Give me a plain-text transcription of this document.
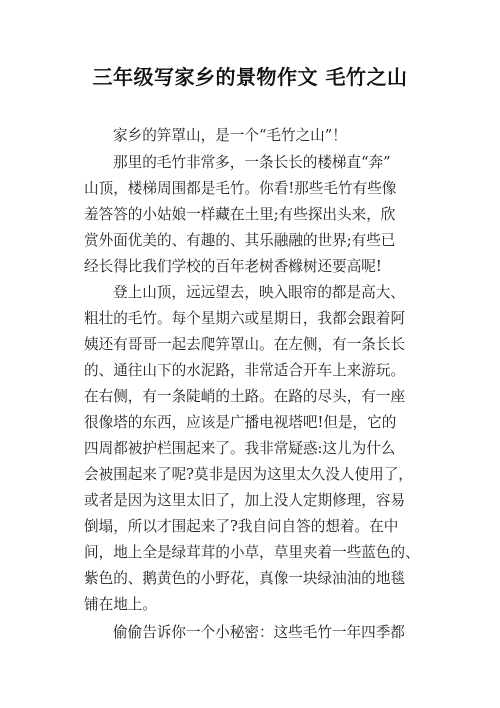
三年级写家乡的景物作文 毛竹之山
家乡的笄罩山，是一个“毛竹之山”！
那里的毛竹非常多，一条长长的楼梯直“奔”
山顶，楼梯周围都是毛竹。你看!那些毛竹有些像
羞答答的小姑娘一样藏在土里;有些探出头来，欣
赏外面优美的、有趣的、其乐融融的世界;有些已
经长得比我们学校的百年老树香橼树还要高呢!
登上山顶，远远望去，映入眼帘的都是高大、
粗壮的毛竹。每个星期六或星期日，我都会跟着阿
姨还有哥哥一起去爬笄罩山。在左侧，有一条长长
的、通往山下的水泥路，非常适合开车上来游玩。
在右侧，有一条陡峭的土路。在路的尽头，有一座
很像塔的东西，应该是广播电视塔吧!但是，它的
四周都被护栏围起来了。我非常疑惑:这儿为什么
会被围起来了呢?莫非是因为这里太久没人使用了，
或者是因为这里太旧了，加上没人定期修理，容易
倒塌，所以才围起来了?我自问自答的想着。在中
间，地上全是绿茸茸的小草，草里夹着一些蓝色的、
紫色的、鹅黄色的小野花，真像一块绿油油的地毯
铺在地上。
偷偷告诉你一个小秘密：这些毛竹一年四季都
